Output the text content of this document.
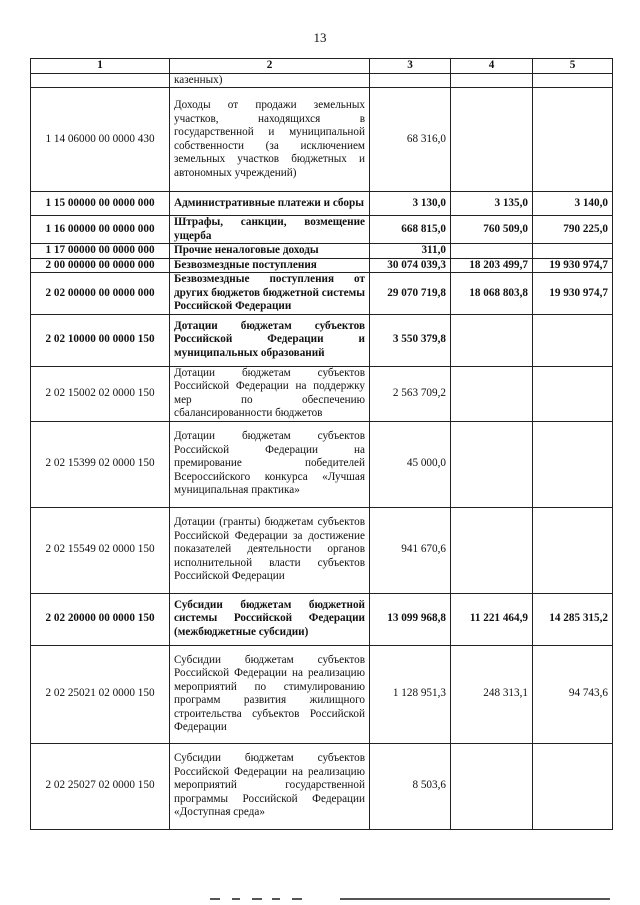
13
1	2	3	4	5
	казенных)			
1 14 06000 00 0000 430	Доходы от продажи земельных участков, находящихся в государственной и муниципальной собственности (за исключением земельных участков бюджетных и автономных учреждений)	68 316,0		
1 15 00000 00 0000 000	Административные платежи и сборы	3 130,0	3 135,0	3 140,0
1 16 00000 00 0000 000	Штрафы, санкции, возмещение ущерба	668 815,0	760 509,0	790 225,0
1 17 00000 00 0000 000	Прочие неналоговые доходы	311,0		
2 00 00000 00 0000 000	Безвозмездные поступления	30 074 039,3	18 203 499,7	19 930 974,7
2 02 00000 00 0000 000	Безвозмездные поступления от других бюджетов бюджетной системы Российской Федерации	29 070 719,8	18 068 803,8	19 930 974,7
2 02 10000 00 0000 150	Дотации бюджетам субъектов Российской Федерации и муниципальных образований	3 550 379,8		
2 02 15002 02 0000 150	Дотации бюджетам субъектов Российской Федерации на поддержку мер по обеспечению сбалансированности бюджетов	2 563 709,2		
2 02 15399 02 0000 150	Дотации бюджетам субъектов Российской Федерации на премирование победителей Всероссийского конкурса «Лучшая муниципальная практика»	45 000,0		
2 02 15549 02 0000 150	Дотации (гранты) бюджетам субъектов Российской Федерации за достижение показателей деятельности органов исполнительной власти субъектов Российской Федерации	941 670,6		
2 02 20000 00 0000 150	Субсидии бюджетам бюджетной системы Российской Федерации (межбюджетные субсидии)	13 099 968,8	11 221 464,9	14 285 315,2
2 02 25021 02 0000 150	Субсидии бюджетам субъектов Российской Федерации на реализацию мероприятий по стимулированию программ развития жилищного строительства субъектов Российской Федерации	1 128 951,3	248 313,1	94 743,6
2 02 25027 02 0000 150	Субсидии бюджетам субъектов Российской Федерации на реализацию мероприятий государственной программы Российской Федерации «Доступная среда»	8 503,6		
